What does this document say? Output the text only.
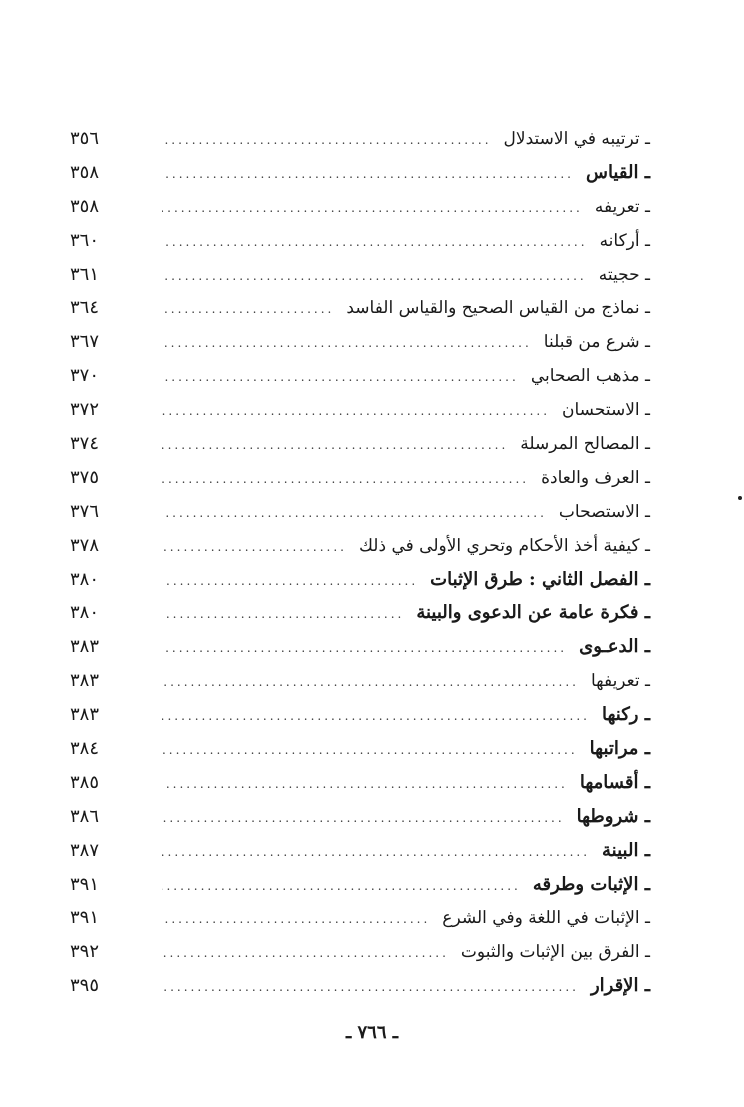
ـ ترتيبه في الاستدلال
.....
٣٥٦
ـ القياس
.....
٣٥٨
ـ تعريفه
.....
٣٥٨
ـ أركانه
.....
٣٦٠
ـ حجيته
.....
٣٦١
ـ نماذج من القياس الصحيح والقياس الفاسد
.....
٣٦٤
ـ شرع من قبلنا
.....
٣٦٧
ـ مذهب الصحابي
.....
٣٧٠
ـ الاستحسان
.....
٣٧٢
ـ المصالح المرسلة
.....
٣٧٤
ـ العرف والعادة
.....
٣٧٥
ـ الاستصحاب
.....
٣٧٦
ـ كيفية أخذ الأحكام وتحري الأولى في ذلك
.....
٣٧٨
ـ الفصل الثاني : طرق الإثبات
.....
٣٨٠
ـ فكرة عامة عن الدعوى والبينة
.....
٣٨٠
ـ الدعـوى
.....
٣٨٣
ـ تعريفها
.....
٣٨٣
ـ ركنها
.....
٣٨٣
ـ مراتبها
.....
٣٨٤
ـ أقسامها
.....
٣٨٥
ـ شروطها
.....
٣٨٦
ـ البينة
.....
٣٨٧
ـ الإثبات وطرقه
.....
٣٩١
ـ الإثبات في اللغة وفي الشرع
.....
٣٩١
ـ الفرق بين الإثبات والثبوت
.....
٣٩٢
ـ الإقرار
.....
٣٩٥
ـ ٧٦٦ ـ
